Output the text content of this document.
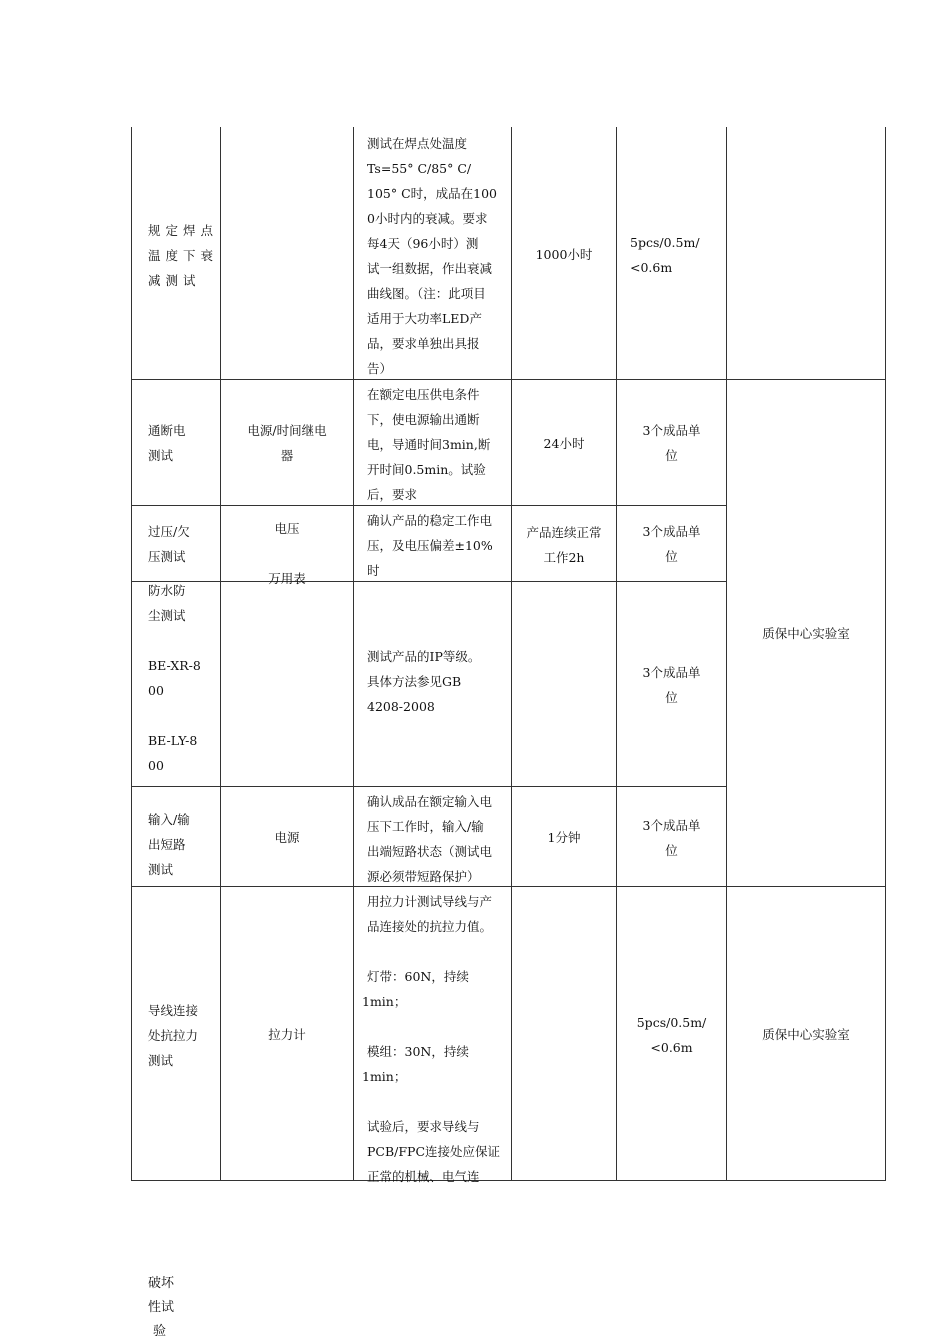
规定焊点
温度下衰
减测试
测试在焊点处温度
Ts=55° C/85° C/
105° C时，成品在100
0小时内的衰减。要求
每4天（96小时）测
试一组数据，作出衰减
曲线图。（注：此项目
适用于大功率LED产
品，要求单独出具报
告）
1000小时
5pcs/0.5m/
<0.6m
通断电
测试
电源/时间继电
器
在额定电压供电条件
下，使电源输出通断
电，导通时间3min,断
开时间0.5min。试验
后，要求
24小时
3个成品单
位
过压/欠
压测试
电压

万用表
确认产品的稳定工作电
压，及电压偏差±10%
时
产品连续正常
工作2h
3个成品单
位
防水防
尘测试

BE-XR-8
00

BE-LY-8
00
测试产品的IP等级。
具体方法参见GB
4208-2008
3个成品单
位
输入/输
出短路
测试
电源
确认成品在额定输入电
压下工作时，输入/输
出端短路状态（测试电
源必须带短路保护）
1分钟
3个成品单
位
质保中心实验室
导线连接
处抗拉力
测试
拉力计
用拉力计测试导线与产
品连接处的抗拉力值。

灯带：60N，持续
1min；

模组：30N，持续
1min；

试验后，要求导线与
PCB/FPC连接处应保证
正常的机械、电气连
5pcs/0.5m/
<0.6m
质保中心实验室
破坏
性试
验
